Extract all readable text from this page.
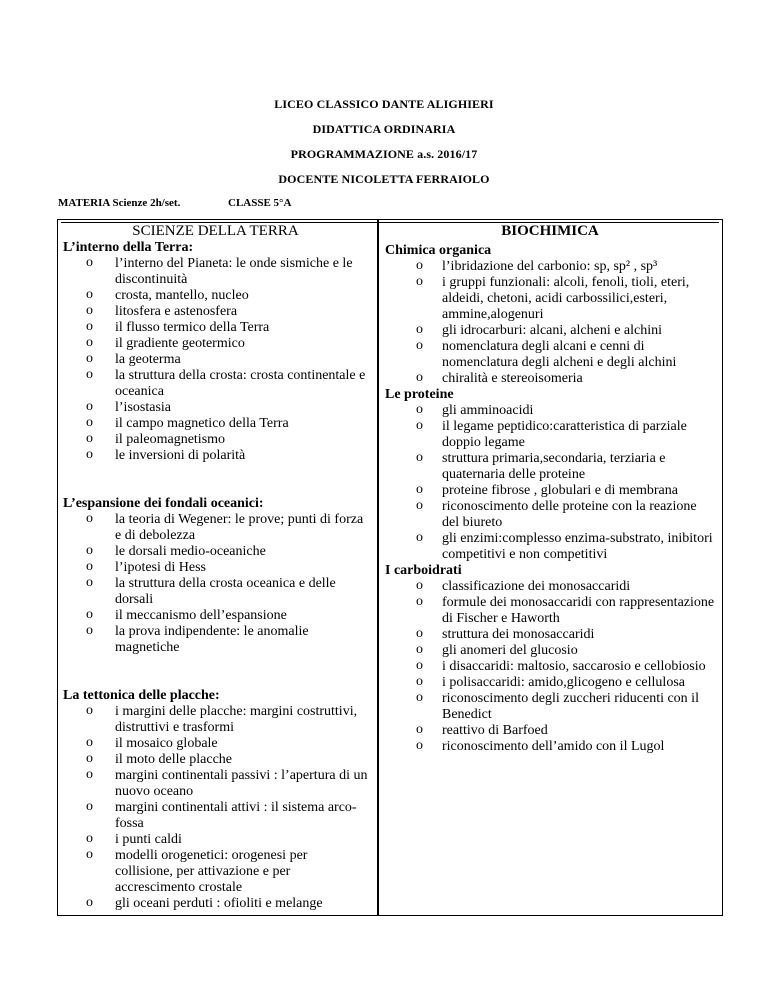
LICEO CLASSICO DANTE ALIGHIERI
DIDATTICA ORDINARIA
PROGRAMMAZIONE a.s. 2016/17
DOCENTE NICOLETTA FERRAIOLO
MATERIA Scienze 2h/set.	CLASSE 5°A
SCIENZE DELLA TERRA
L’interno della Terra:
o l’interno del Pianeta: le onde sismiche e le discontinuità
o crosta, mantello, nucleo
o litosfera e astenosfera
o il flusso termico della Terra
o il gradiente geotermico
o la geoterma
o la struttura della crosta: crosta continentale e oceanica
o l’isostasia
o il campo magnetico della Terra
o il paleomagnetismo
o le inversioni di polarità
L’espansione dei fondali oceanici:
o la teoria di Wegener: le prove; punti di forza e di debolezza
o le dorsali medio-oceaniche
o l’ipotesi di Hess
o la struttura della crosta oceanica e delle dorsali
o il meccanismo dell’espansione
o la prova indipendente: le anomalie magnetiche
La tettonica delle placche:
o i margini delle placche: margini costruttivi, distruttivi e trasformi
o il mosaico globale
o il moto delle placche
o margini continentali passivi : l’apertura di un nuovo oceano
o margini continentali attivi : il sistema arco-fossa
o i punti caldi
o modelli orogenetici: orogenesi per collisione, per attivazione e per accrescimento crostale
o gli oceani perduti : ofioliti e melange
BIOCHIMICA
Chimica organica
o l’ibridazione del carbonio: sp, sp² , sp³
o i gruppi funzionali: alcoli, fenoli, tioli, eteri, aldeidi, chetoni, acidi carbossilici,esteri, ammine,alogenuri
o gli idrocarburi: alcani, alcheni e alchini
o nomenclatura degli alcani e cenni di nomenclatura degli alcheni e degli alchini
o chiralità e stereoisomeria
Le proteine
o gli amminoacidi
o il legame peptidico:caratteristica di parziale doppio legame
o struttura primaria,secondaria, terziaria e quaternaria delle proteine
o proteine fibrose , globulari e di membrana
o riconoscimento delle proteine con la reazione del biureto
o gli enzimi:complesso enzima-substrato, inibitori competitivi e non competitivi
I carboidrati
o classificazione dei monosaccaridi
o formule dei monosaccaridi con rappresentazione di Fischer e Haworth
o struttura dei monosaccaridi
o gli anomeri del glucosio
o i disaccaridi: maltosio, saccarosio e cellobiosio
o i polisaccaridi: amido,glicogeno e cellulosa
o riconoscimento degli zuccheri riducenti con il Benedict
o reattivo di Barfoed
o riconoscimento dell’amido con il Lugol
